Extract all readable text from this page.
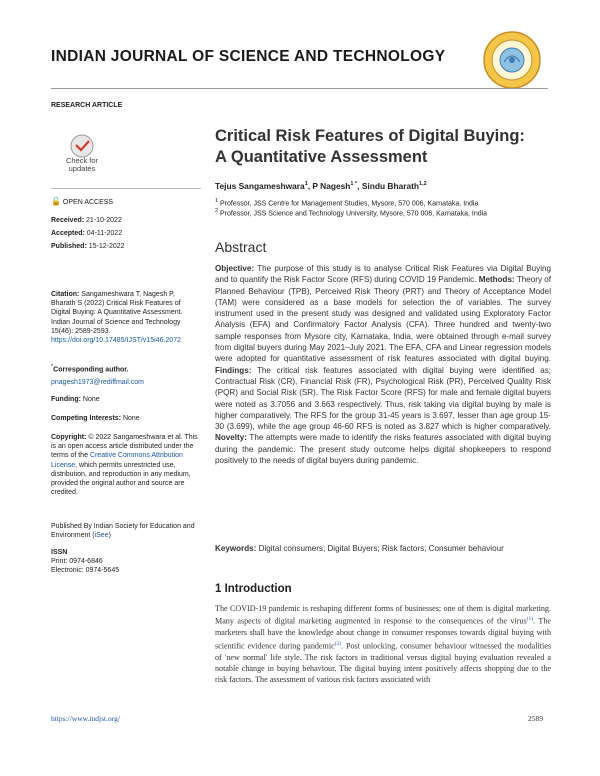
INDIAN JOURNAL OF SCIENCE AND TECHNOLOGY
RESEARCH ARTICLE
Check for
updates
🔓 OPEN ACCESS
Received: 21-10-2022
Accepted: 04-11-2022
Published: 15-12-2022
Citation: Sangameshwara T, Nagesh P, Bharath S (2022) Critical Risk Features of Digital Buying: A Quantitative Assessment. Indian Journal of Science and Technology 15(46): 2589-2593. https://doi.org/10.17485/IJST/v15i46.2072
*Corresponding author.
pnagesh1973@rediffmail.com
Funding: None
Competing Interests: None
Copyright: © 2022 Sangameshwara et al. This is an open access article distributed under the terms of the Creative Commons Attribution License, which permits unrestricted use, distribution, and reproduction in any medium, provided the original author and source are credited.
Published By Indian Society for Education and Environment (iSee)
ISSN
Print: 0974-6846
Electronic: 0974-5645
Critical Risk Features of Digital Buying:
A Quantitative Assessment
Tejus Sangameshwara$^1$, P Nagesh$^{1 *}$, Sindu Bharath$^{1,2}$
$^1$ Professor, JSS Centre for Management Studies, Mysore, 570 006, Karnataka, India
$^2$ Professor, JSS Science and Technology University, Mysore, 570 006, Karnataka, India
Abstract
Objective: The purpose of this study is to analyse Critical Risk Features via Digital Buying and to quantify the Risk Factor Score (RFS) during COVID 19 Pandemic. Methods: Theory of Planned Behaviour (TPB), Perceived Risk Theory (PRT) and Theory of Acceptance Model (TAM) were considered as a base models for selection the of variables. The survey instrument used in the present study was designed and validated using Exploratory Factor Analysis (EFA) and Confirmatory Factor Analysis (CFA). Three hundred and twenty-two sample responses from Mysore city, Karnataka, India, were obtained through e-mail survey from digital buyers during May 2021–July 2021. The EFA, CFA and Linear regression models were adopted for quantitative assessment of risk features associated with digital buying. Findings: The critical risk features associated with digital buying were identified as; Contractual Risk (CR), Financial Risk (FR), Psychological Risk (PR), Perceived Quality Risk (PQR) and Social Risk (SR). The Risk Factor Score (RFS) for male and female digital buyers were noted as 3.7056 and 3.663 respectively. Thus, risk taking via digital buying by male is higher comparatively. The RFS for the group 31-45 years is 3.697, lesser than age group 15-30 (3.699), while the age group 46-60 RFS is noted as 3.827 which is higher comparatively. Novelty: The attempts were made to identify the risks features associated with digital buying during the pandemic. The present study outcome helps digital shopkeepers to respond positively to the needs of digital buyers during pandemic.
Keywords: Digital consumers; Digital Buyers; Risk factors; Consumer behaviour
1 Introduction
The COVID-19 pandemic is reshaping different forms of businesses; one of them is digital marketing. Many aspects of digital marketing augmented in response to the consequences of the virus$^{(1)}$. The marketers shall have the knowledge about change in consumer responses towards digital buying with scientific evidence during pandemic$^{(2)}$. Post unlocking, consumer behaviour witnessed the modalities of 'new normal' life style. The risk factors in traditional versus digital buying evaluation revealed a notable change in buying behaviour. The digital buying intent positively affects shopping due to the risk factors. The assessment of various risk factors associated with
https://www.indjst.org/	2589
